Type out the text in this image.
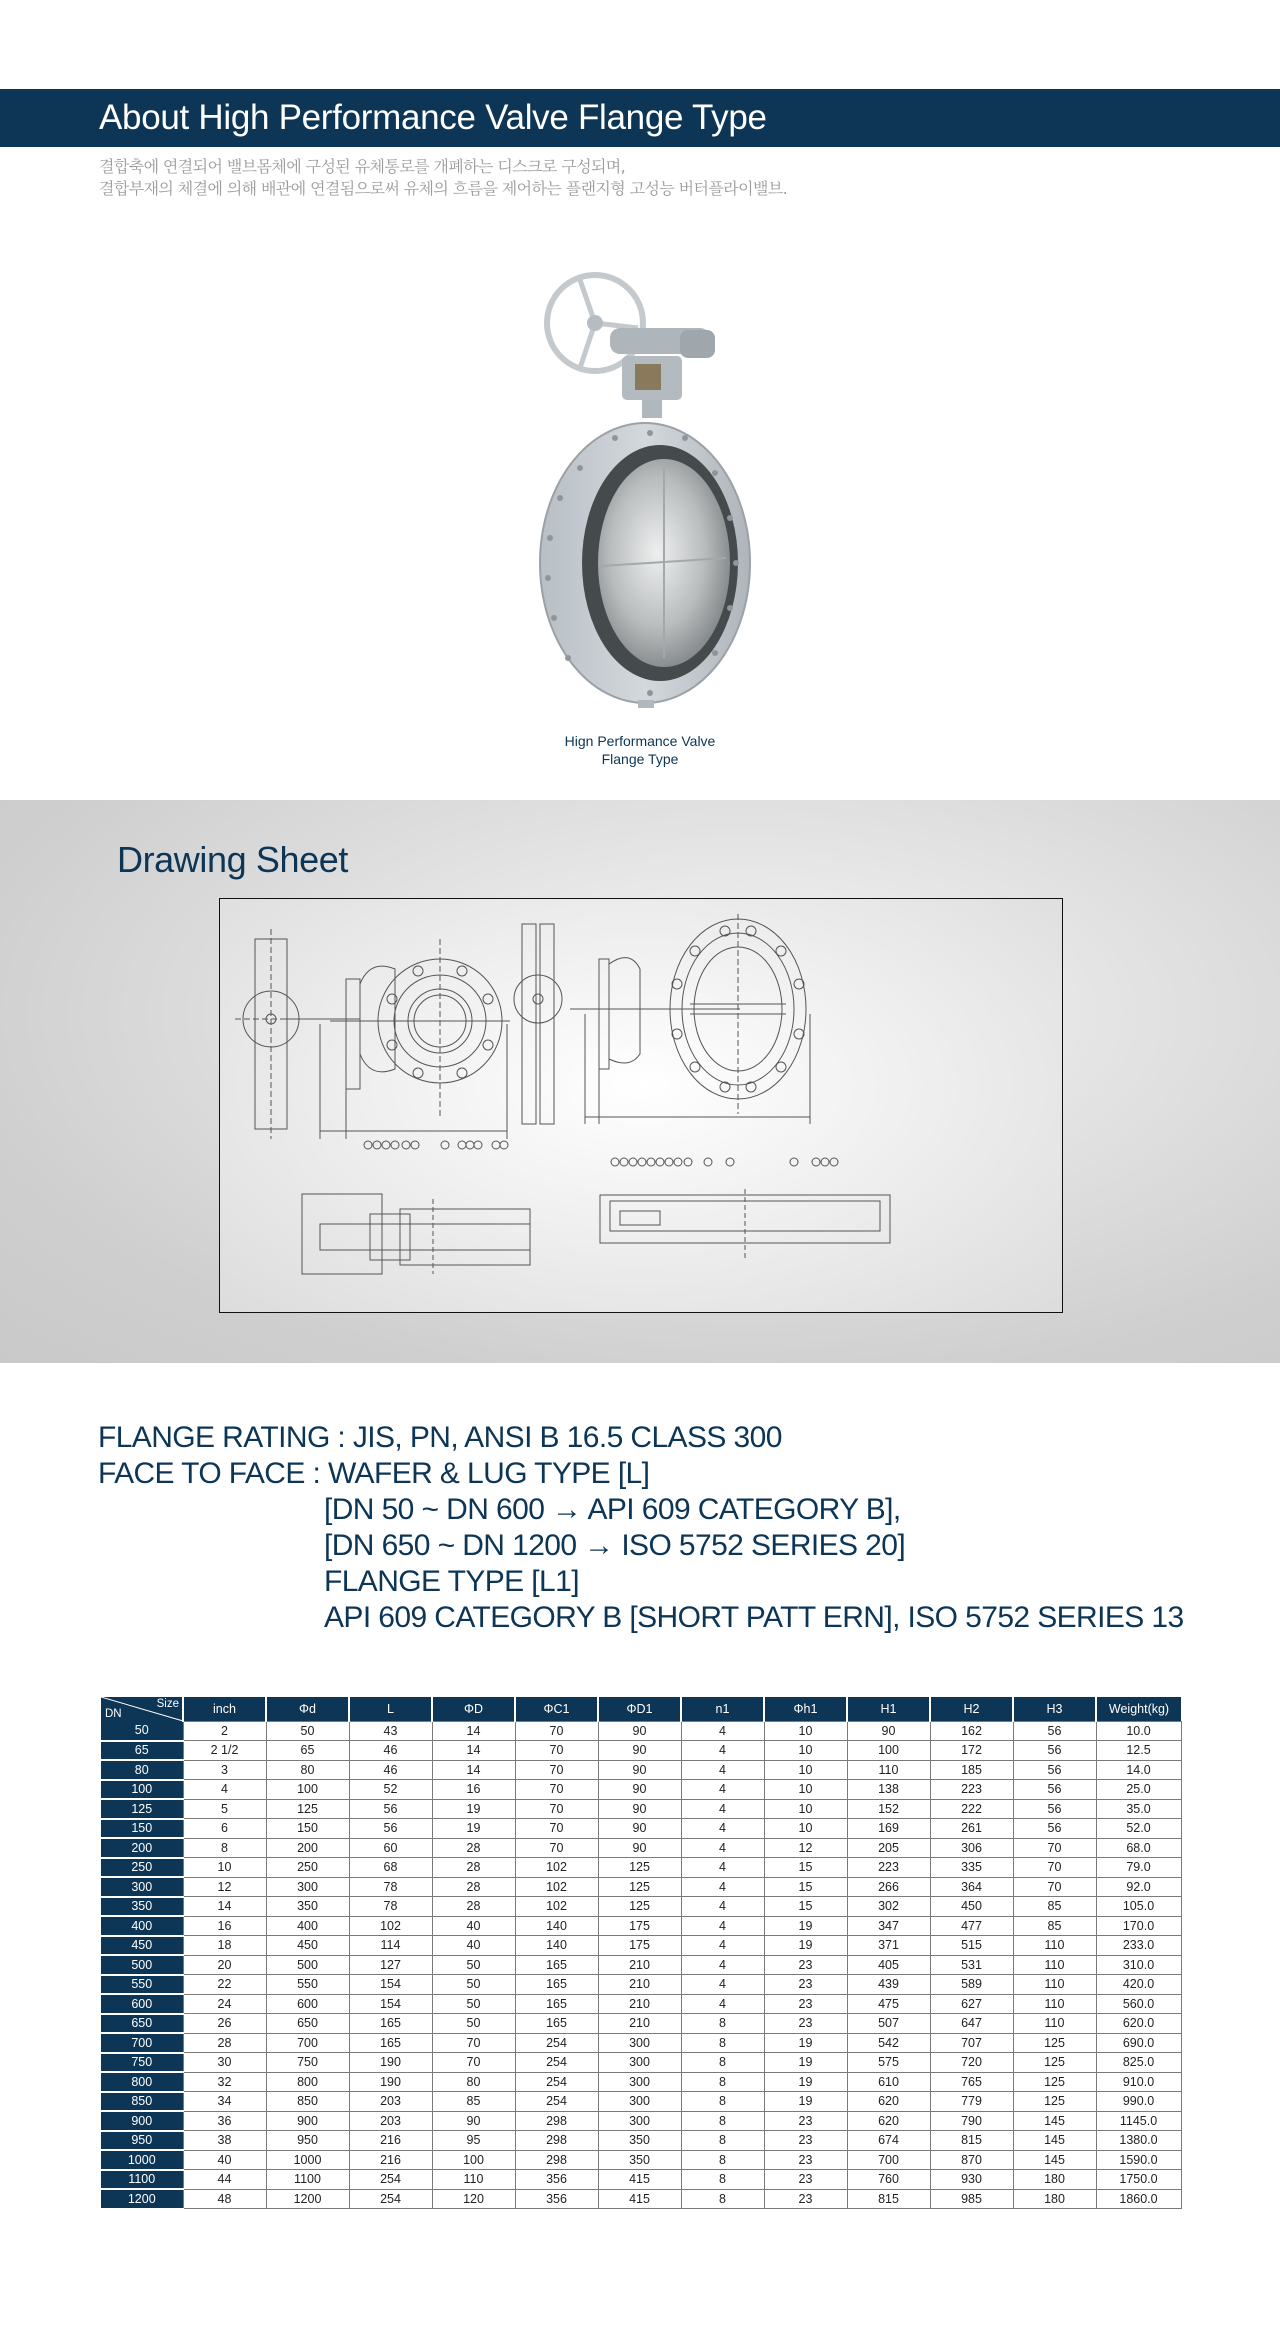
About High Performance Valve Flange Type
결합축에 연결되어 밸브몸체에 구성된 유체통로를 개폐하는 디스크로 구성되며,
결합부재의 체결에 의해 배관에 연결됨으로써 유체의 흐름을 제어하는 플랜지형 고성능 버터플라이밸브.
Hign Performance Valve
Flange Type
Drawing Sheet
FLANGE RATING : JIS, PN, ANSI B 16.5 CLASS 300
FACE TO FACE : WAFER & LUG TYPE [L]
[DN 50 ~ DN 600 → API 609 CATEGORY B],
[DN 650 ~ DN 1200 → ISO 5752 SERIES 20]
FLANGE TYPE [L1]
API 609 CATEGORY B [SHORT PATT ERN], ISO 5752 SERIES 13
Size
DN	inch	Φd	L	ΦD	ΦC1	ΦD1	n1	Φh1	H1	H2	H3	Weight(kg)
50	2	50	43	14	70	90	4	10	90	162	56	10.0
65	2 1/2	65	46	14	70	90	4	10	100	172	56	12.5
80	3	80	46	14	70	90	4	10	110	185	56	14.0
100	4	100	52	16	70	90	4	10	138	223	56	25.0
125	5	125	56	19	70	90	4	10	152	222	56	35.0
150	6	150	56	19	70	90	4	10	169	261	56	52.0
200	8	200	60	28	70	90	4	12	205	306	70	68.0
250	10	250	68	28	102	125	4	15	223	335	70	79.0
300	12	300	78	28	102	125	4	15	266	364	70	92.0
350	14	350	78	28	102	125	4	15	302	450	85	105.0
400	16	400	102	40	140	175	4	19	347	477	85	170.0
450	18	450	114	40	140	175	4	19	371	515	110	233.0
500	20	500	127	50	165	210	4	23	405	531	110	310.0
550	22	550	154	50	165	210	4	23	439	589	110	420.0
600	24	600	154	50	165	210	4	23	475	627	110	560.0
650	26	650	165	50	165	210	8	23	507	647	110	620.0
700	28	700	165	70	254	300	8	19	542	707	125	690.0
750	30	750	190	70	254	300	8	19	575	720	125	825.0
800	32	800	190	80	254	300	8	19	610	765	125	910.0
850	34	850	203	85	254	300	8	19	620	779	125	990.0
900	36	900	203	90	298	300	8	23	620	790	145	1145.0
950	38	950	216	95	298	350	8	23	674	815	145	1380.0
1000	40	1000	216	100	298	350	8	23	700	870	145	1590.0
1100	44	1100	254	110	356	415	8	23	760	930	180	1750.0
1200	48	1200	254	120	356	415	8	23	815	985	180	1860.0
